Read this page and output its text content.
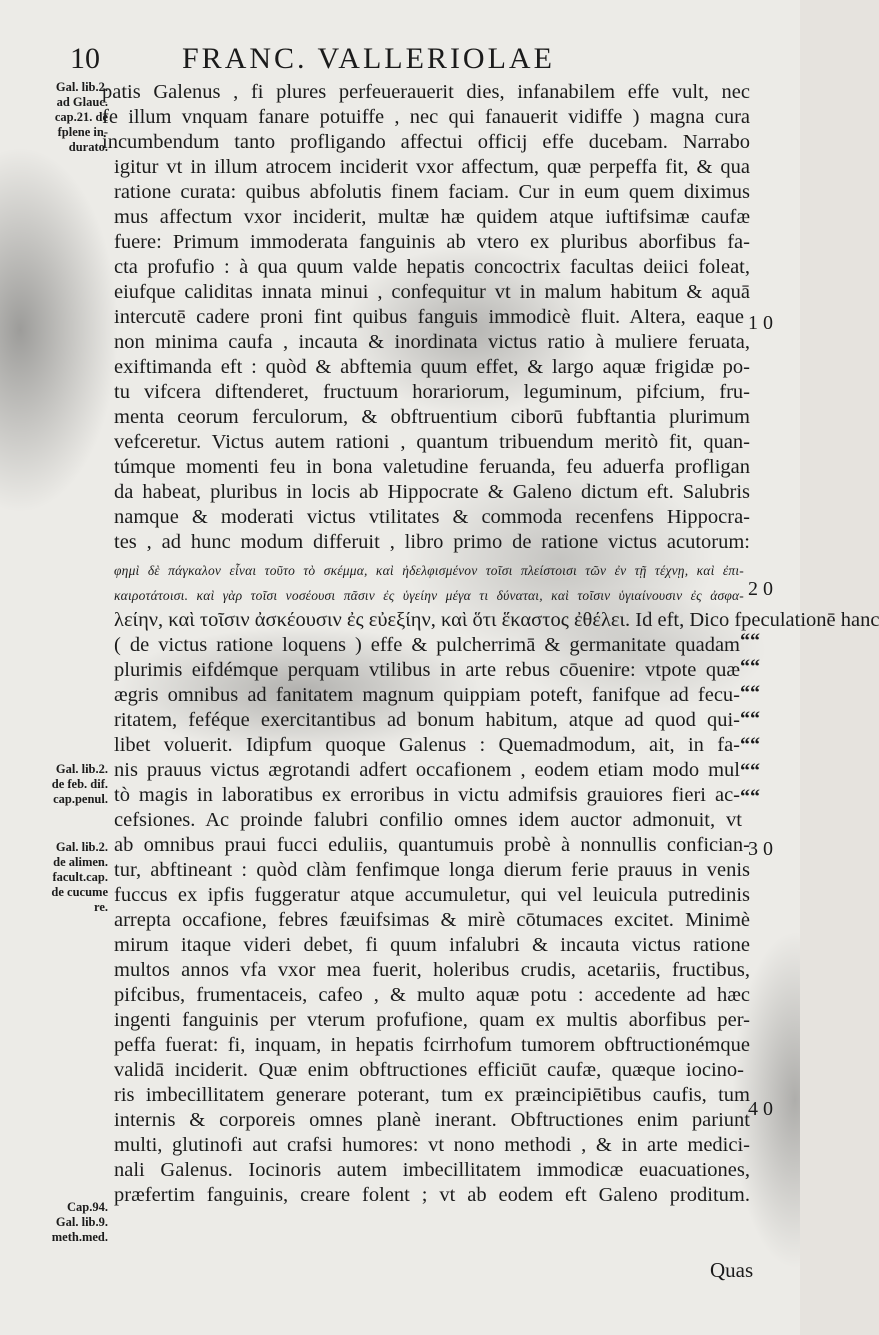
10	FRANC. VALLERIOLAE
Gal. lib.2.
ad Glauc.
cap.21. de
fplene in-
durato.
Gal. lib.2.
de feb. dif.
cap.penul.
Gal. lib.2.
de alimen.
facult.cap.
de cucume
re.
Cap.94.
Gal. lib.9.
meth.med.
patis Galenus , fi plures perfeuerauerit dies, infanabilem effe vult, nec
fe illum vnquam fanare potuiffe , nec qui fanauerit vidiffe ) magna cura
incumbendum tanto profligando affectui officij effe ducebam. Narrabo
igitur vt in illum atrocem inciderit vxor affectum, quæ perpeffa fit, & qua
ratione curata: quibus abfolutis finem faciam. Cur in eum quem diximus
mus affectum vxor inciderit, multæ hæ quidem atque iuftifsimæ caufæ
fuere: Primum immoderata fanguinis ab vtero ex pluribus aborfibus fa-
cta profufio : à qua quum valde hepatis concoctrix facultas deiici foleat,
eiufque caliditas innata minui , confequitur vt in malum habitum & aquā
intercutē cadere proni fint quibus fanguis immodicè fluit. Altera, eaque
non minima caufa , incauta & inordinata victus ratio à muliere feruata,
exiftimanda eft : quòd & abftemia quum effet, & largo aquæ frigidæ po-
tu vifcera diftenderet, fructuum horariorum, leguminum, pifcium, fru-
menta ceorum ferculorum, & obftruentium ciborū fubftantia plurimum
vefceretur. Victus autem rationi , quantum tribuendum meritò fit, quan-
túmque momenti feu in bona valetudine feruanda, feu aduerfa profligan
da habeat, pluribus in locis ab Hippocrate & Galeno dictum eft. Salubris
namque & moderati victus vtilitates & commoda recenfens Hippocra-
tes , ad hunc modum differuit , libro primo de ratione victus acutorum:
φημὶ δὲ πάγκαλον εἶναι τοῦτο τὸ σκέμμα, καὶ ἠδελφισμένον τοῖσι πλείστοισι τῶν ἐν τῇ τέχνῃ, καὶ ἐπι-
καιροτάτοισι. καὶ γὰρ τοῖσι νοσέουσι πᾶσιν ἐς ὑγείην μέγα τι δύναται, καὶ τοῖσιν ὑγιαίνουσιν ἐς ἀσφα-
λείην, καὶ τοῖσιν ἀσκέουσιν ἐς εὐεξίην, καὶ ὅτι ἕκαστος ἐθέλει. Id eft, Dico fpeculationē hanc
( de victus ratione loquens ) effe & pulcherrimā & germanitate quadam
plurimis eifdémque perquam vtilibus in arte rebus cōuenire: vtpote quæ
ægris omnibus ad fanitatem magnum quippiam poteft, fanifque ad fecu-
ritatem, feféque exercitantibus ad bonum habitum, atque ad quod qui-
libet voluerit. Idipfum quoque Galenus : Quemadmodum, ait, in fa-
nis prauus victus ægrotandi adfert occafionem , eodem etiam modo mul
tò magis in laboratibus ex erroribus in victu admifsis grauiores fieri ac-
cefsiones. Ac proinde falubri confilio omnes idem auctor admonuit, vt
ab omnibus praui fucci eduliis, quantumuis probè à nonnullis confician-
tur, abftineant : quòd clàm fenfimque longa dierum ferie prauus in venis
fuccus ex ipfis fuggeratur atque accumuletur, qui vel leuicula putredinis
arrepta occafione, febres fæuifsimas & mirè cōtumaces excitet. Minimè
mirum itaque videri debet, fi quum infalubri & incauta victus ratione
multos annos vfa vxor mea fuerit, holeribus crudis, acetariis, fructibus,
pifcibus, frumentaceis, cafeo , & multo aquæ potu : accedente ad hæc
ingenti fanguinis per vterum profufione, quam ex multis aborfibus per-
peffa fuerat: fi, inquam, in hepatis fcirrhofum tumorem obftructionémque
validā inciderit. Quæ enim obftructiones efficiūt caufæ, quæque iocino-
ris imbecillitatem generare poterant, tum ex præincipiētibus caufis, tum
internis & corporeis omnes planè inerant. Obftructiones enim pariunt
multi, glutinofi aut crafsi humores: vt nono methodi , & in arte medici-
nali Galenus. Iocinoris autem imbecillitatem immodicæ euacuationes,
præfertim fanguinis, creare folent ; vt ab eodem eft Galeno proditum.
1 0
2 0
3 0
4 0
““
““
““
““
““
““
““
Quas
